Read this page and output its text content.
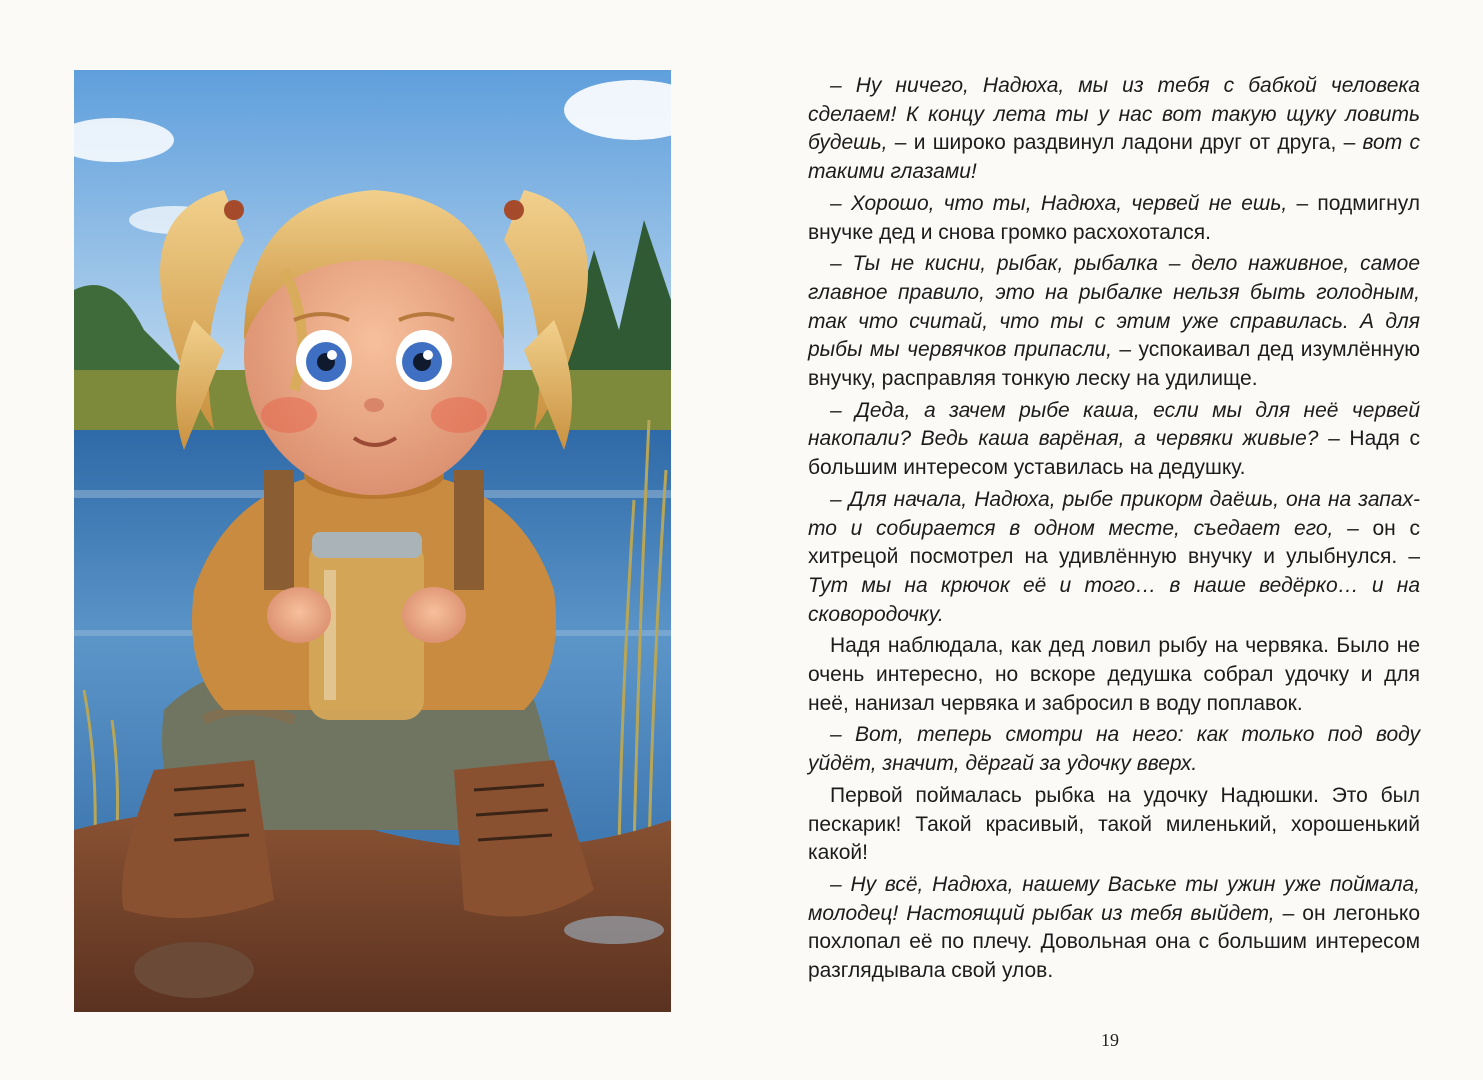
– Ну ничего, Надюха, мы из тебя с бабкой человека сделаем! К концу лета ты у нас вот такую щуку ловить будешь, – и широко раздвинул ладони друг от друга, – вот с такими глазами!

– Хорошо, что ты, Надюха, червей не ешь, – подмигнул внучке дед и снова громко расхохотался.

– Ты не кисни, рыбак, рыбалка – дело наживное, самое главное правило, это на рыбалке нельзя быть голодным, так что считай, что ты с этим уже справилась. А для рыбы мы червячков припасли, – успокаивал дед изумлённую внучку, расправляя тонкую леску на удилище.

– Деда, а зачем рыбе каша, если мы для неё червей накопали? Ведь каша варёная, а червяки живые? – Надя с большим интересом уставилась на дедушку.

– Для начала, Надюха, рыбе прикорм даёшь, она на запах-то и собирается в одном месте, съедает его, – он с хитрецой посмотрел на удивлённую внучку и улыбнулся. – Тут мы на крючок её и того… в наше ведёрко… и на сковородочку.

Надя наблюдала, как дед ловил рыбу на червяка. Было не очень интересно, но вскоре дедушка собрал удочку и для неё, нанизал червяка и забросил в воду поплавок.

– Вот, теперь смотри на него: как только под воду уйдёт, значит, дёргай за удочку вверх.

Первой поймалась рыбка на удочку Надюшки. Это был пескарик! Такой красивый, такой миленький, хорошенький какой!

– Ну всё, Надюха, нашему Ваське ты ужин уже поймала, молодец! Настоящий рыбак из тебя выйдет, – он легонько похлопал её по плечу. Довольная она с большим интересом разглядывала свой улов.

19
